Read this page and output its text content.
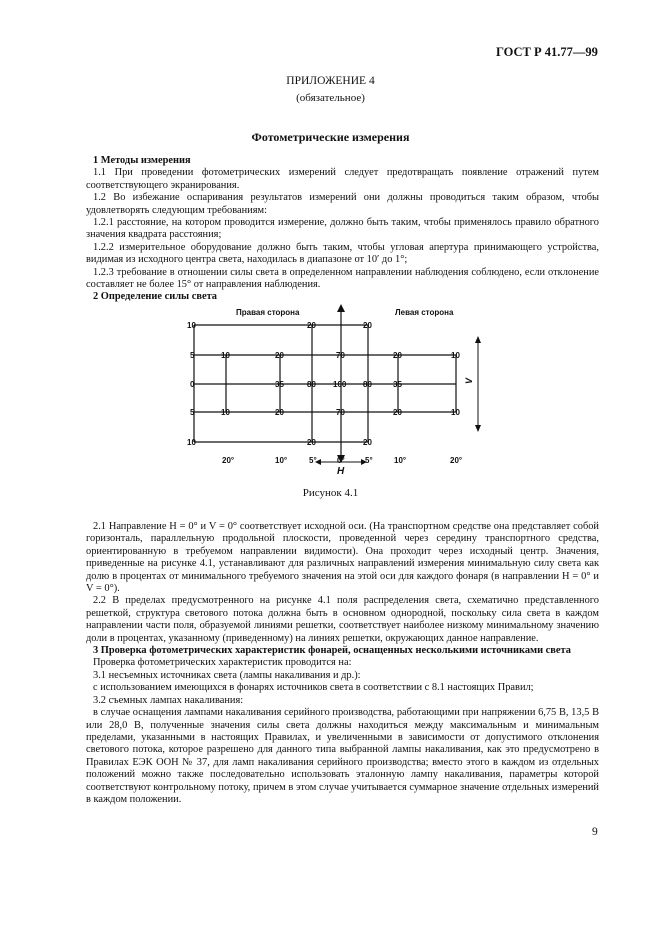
ГОСТ Р 41.77—99
ПРИЛОЖЕНИЕ 4
(обязательное)
Фотометрические измерения

1 Методы измерения

1.1 При проведении фотометрических измерений следует предотвращать появление отражений путем соответствующего экранирования.

1.2 Во избежание оспаривания результатов измерений они должны проводиться таким образом, чтобы удовлетворять следующим требованиям:

1.2.1 расстояние, на котором проводится измерение, должно быть таким, чтобы применялось правило обратного значения квадрата расстояния;

1.2.2 измерительное оборудование должно быть таким, чтобы угловая апертура принимающего устройства, видимая из исходного центра света, находилась в диапазоне от 10′ до 1°;

1.2.3 требование в отношении силы света в определенном направлении наблюдения соблюдено, если отклонение составляет не более 15° от направления наблюдения.

2 Определение силы света

Правая сторона	Левая сторона
10
5
0
5
10
20	20
10	20	70	20	10
35	80 100 80	35
10	20	70	20	10
20	20
20°	10°	5°	0°	5°	10°	20°
H
V
Рисунок 4.1

2.1 Направление H = 0° и V = 0° соответствует исходной оси. (На транспортном средстве она представляет собой горизонталь, параллельную продольной плоскости, проведенной через середину транспортного средства, ориентированную в требуемом направлении видимости). Она проходит через исходный центр. Значения, приведенные на рисунке 4.1, устанавливают для различных направлений измерения минимальную силу света как долю в процентах от минимального требуемого значения на этой оси для каждого фонаря (в направлении H = 0° и V = 0°).

2.2 В пределах предусмотренного на рисунке 4.1 поля распределения света, схематично представленного решеткой, структура светового потока должна быть в основном однородной, поскольку сила света в каждом направлении части поля, образуемой линиями решетки, соответствует наиболее низкому минимальному значению доли в процентах, указанному (приведенному) на линиях решетки, окружающих данное направление.

3 Проверка фотометрических характеристик фонарей, оснащенных несколькими источниками света

Проверка фотометрических характеристик проводится на:

3.1 несъемных источниках света (лампы накаливания и др.):

с использованием имеющихся в фонарях источников света в соответствии с 8.1 настоящих Правил;

3.2 съемных лампах накаливания:

в случае оснащения лампами накаливания серийного производства, работающими при напряжении 6,75 В, 13,5 В или 28,0 В, полученные значения силы света должны находиться между максимальным и минимальным пределами, указанными в настоящих Правилах, и увеличенными в зависимости от допустимого отклонения светового потока, которое разрешено для данного типа выбранной лампы накаливания, как это предусмотрено в Правилах ЕЭК ООН № 37, для ламп накаливания серийного производства; вместо этого в каждом из отдельных положений можно также последовательно использовать эталонную лампу накаливания, параметры которой соответствуют контрольному потоку, причем в этом случае учитывается суммарное значение отдельных измерений в каждом положении.

9
